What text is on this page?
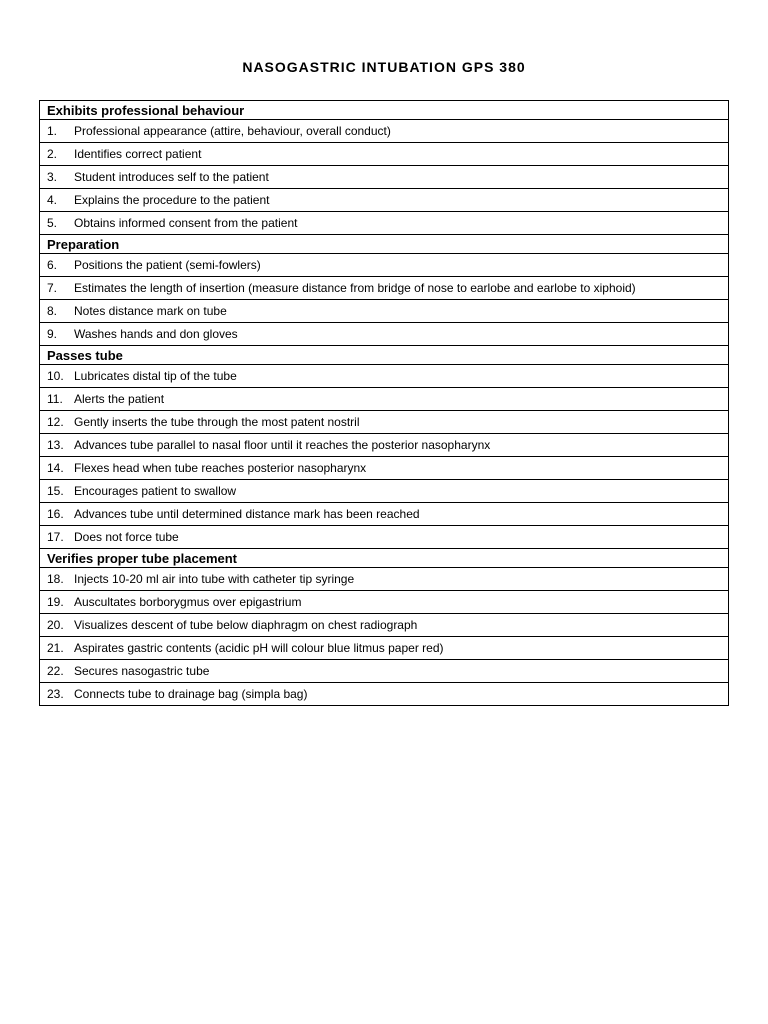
NASOGASTRIC INTUBATION GPS 380
Exhibits professional behaviour
1. Professional appearance (attire, behaviour, overall conduct)
2. Identifies correct patient
3. Student introduces self to the patient
4. Explains the procedure to the patient
5. Obtains informed consent from the patient
Preparation
6. Positions the patient (semi-fowlers)
7. Estimates the length of insertion (measure distance from bridge of nose to earlobe and earlobe to xiphoid)
8. Notes distance mark on tube
9. Washes hands and don gloves
Passes tube
10. Lubricates distal tip of the tube
11. Alerts the patient
12. Gently inserts the tube through the most patent nostril
13. Advances tube parallel to nasal floor until it reaches the posterior nasopharynx
14. Flexes head when tube reaches posterior nasopharynx
15. Encourages patient to swallow
16. Advances tube until determined distance mark has been reached
17. Does not force tube
Verifies proper tube placement
18. Injects 10-20 ml air into tube with catheter tip syringe
19. Auscultates borborygmus over epigastrium
20. Visualizes descent of tube below diaphragm on chest radiograph
21. Aspirates gastric contents (acidic pH will colour blue litmus paper red)
22. Secures nasogastric tube
23. Connects tube to drainage bag (simpla bag)
